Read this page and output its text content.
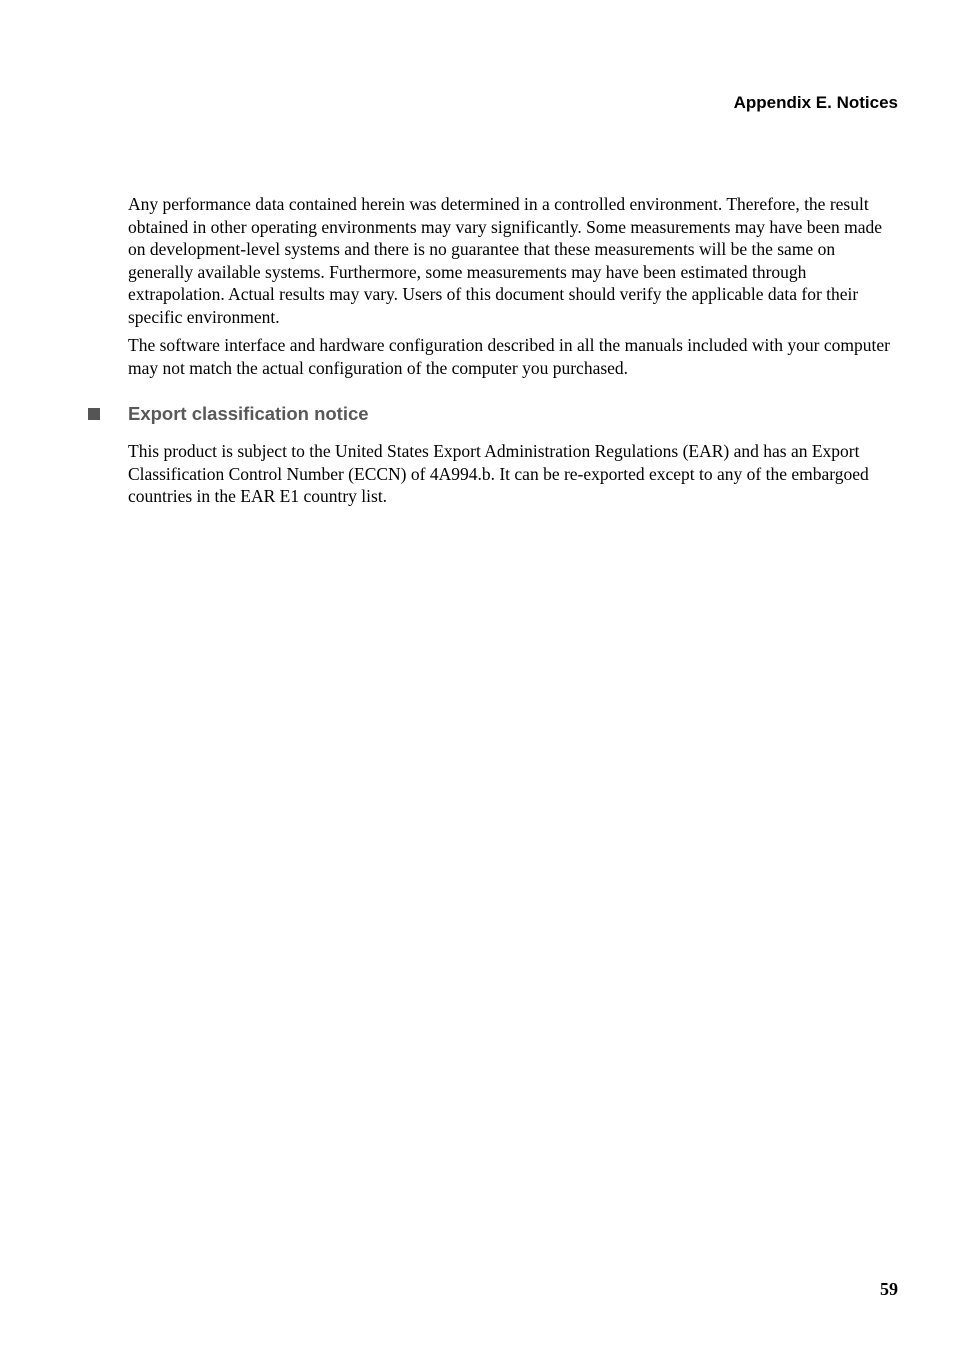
Appendix E. Notices

Any performance data contained herein was determined in a controlled environment. Therefore, the result obtained in other operating environments may vary significantly. Some measurements may have been made on development-level systems and there is no guarantee that these measurements will be the same on generally available systems. Furthermore, some measurements may have been estimated through extrapolation. Actual results may vary. Users of this document should verify the applicable data for their specific environment.

The software interface and hardware configuration described in all the manuals included with your computer may not match the actual configuration of the computer you purchased.

Export classification notice

This product is subject to the United States Export Administration Regulations (EAR) and has an Export Classification Control Number (ECCN) of 4A994.b. It can be re-exported except to any of the embargoed countries in the EAR E1 country list.

59
